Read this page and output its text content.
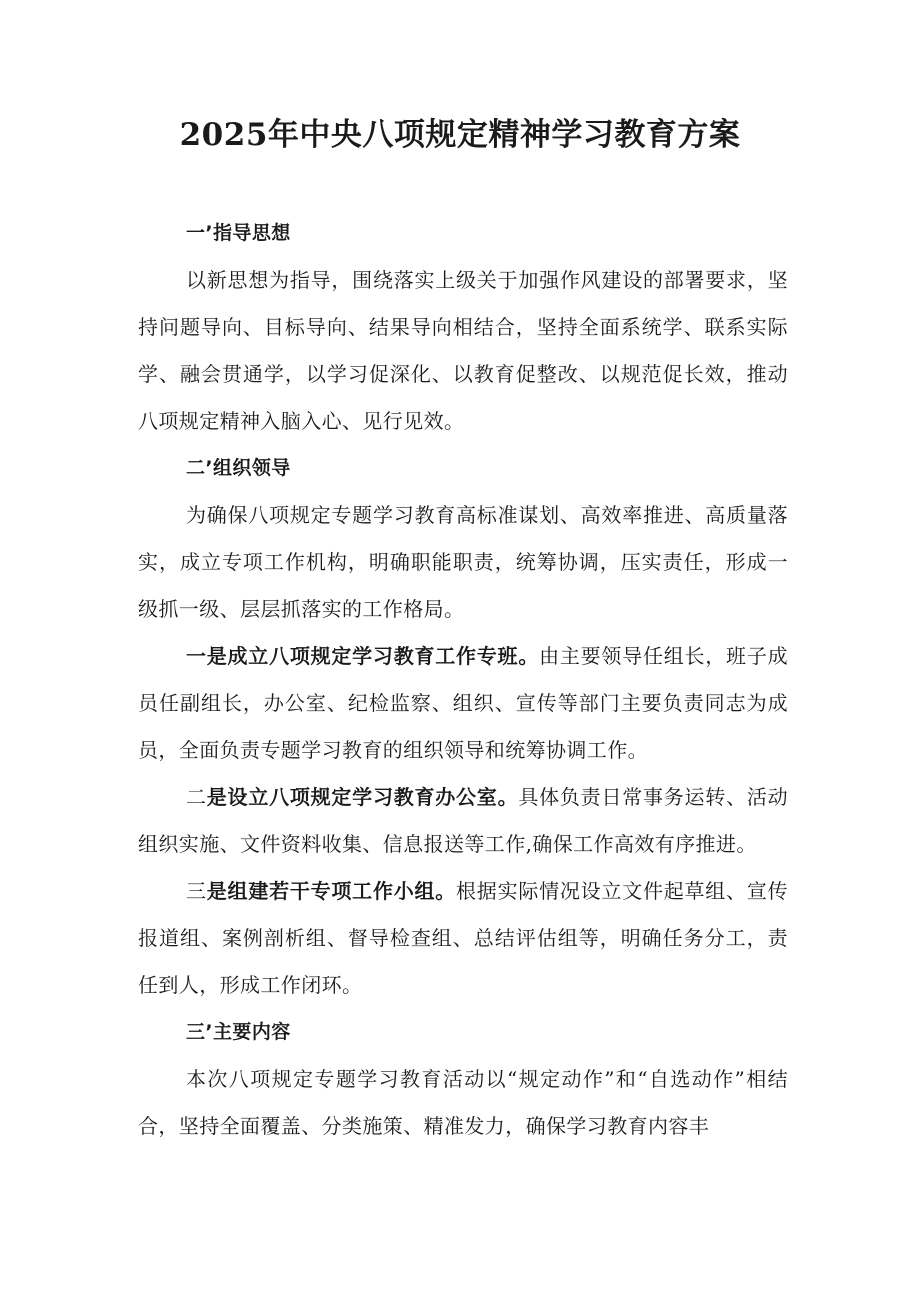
2025年中央八项规定精神学习教育方案

一’指导思想

以新思想为指导，围绕落实上级关于加强作风建设的部署要求，坚持问题导向、目标导向、结果导向相结合，坚持全面系统学、联系实际学、融会贯通学，以学习促深化、以教育促整改、以规范促长效，推动八项规定精神入脑入心、见行见效。

二’组织领导

为确保八项规定专题学习教育高标准谋划、高效率推进、高质量落实，成立专项工作机构，明确职能职责，统筹协调，压实责任，形成一级抓一级、层层抓落实的工作格局。

一是成立八项规定学习教育工作专班。由主要领导任组长，班子成员任副组长，办公室、纪检监察、组织、宣传等部门主要负责同志为成员，全面负责专题学习教育的组织领导和统筹协调工作。

二是设立八项规定学习教育办公室。具体负责日常事务运转、活动组织实施、文件资料收集、信息报送等工作,确保工作高效有序推进。

三是组建若干专项工作小组。根据实际情况设立文件起草组、宣传报道组、案例剖析组、督导检查组、总结评估组等，明确任务分工，责任到人，形成工作闭环。

三’主要内容

本次八项规定专题学习教育活动以“规定动作”和“自选动作”相结合，坚持全面覆盖、分类施策、精准发力，确保学习教育内容丰
